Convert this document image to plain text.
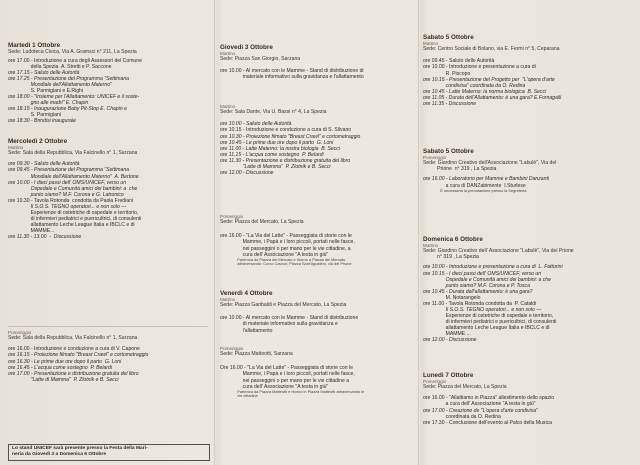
Martedì 1 Ottobre
Sede: Ludoteca Civica, Via A. Gramsci n° 211, La Spezia
ore 17.00 - Introduzione a cura degli Assessori del Comune
della Spezia  A. Stretti e P. Saccone
ore 17.15 - Saluto delle Autorità
ore 17.25 - Presentazione del Programma "Settimana
Mondiale dell'Allattamento Materno"
S. Parmigiani e E.Righi
ore 18.00 - "Insieme per l'Allattamento: UNICEF e il soste-
gno alle madri" E. Chapin
ore 18.15 - Inaugurazione Baby Pit-Stop E. Chapin e
S. Parmigiani
ore 18.30 - Brindisi inaugurale
Mercoledì 2 Ottobre
Mattino
Sede: Sala della Repubblica, Via Falcinello n° 1, Sarzana
ore 09.30 - Saluto delle Autorità
ore 09.45 - Presentazione del Programma "Settimana
Mondiale dell'Allattamento Materno"  A. Bertone
ore 10.00 - I dieci passi dell' OMS/UNICEF, verso un
Ospedale e Comunità amici dei bambini: a  che
punto siamo? M.F. Corona e G. Latronico
ore 10.30 - Tavola Rotonda  condotta da Paola Frediani
Il S.O.S. TEGNO operatori... e non solo ---
Esperienze di ostetriche di ospedale e territorio,
di infermieri pediatrici e puericultrici, di consulenti
allattamento Leche League Italia e IBCLC e di
MAMME...
ore 11.30 - 13.00  -  Discussione
Pomeriggio
Sede: Sala della Repubblica, Via Falcinello n° 1, Sarzana
ore 16.00 - Introduzione e conduzione a cura di V. Capone
ore 16.15 - Proiezione filmato "Breast Crawl" e cortometraggio
ore 16.30 - Le prime due ore dopo il parto  G. Loni
ore 16.45 - L'acqua come sostegno  P. Belardi
ore 17.00 - Presentazione e distribuzione gratuita del libro
"Latte di Mamma"  P. Zlotnik e B. Secci
Lo stand UNICEF sarà presente presso la Festa della Mari-
neria da Giovedì 3 a Domenica 6 Ottobre
Giovedì 3 Ottobre
Mattino
Sede: Piazza San Giorgio, Sarzana
ore 10.00 - Al mercato con le Mamme - Stand di distribuzione di
materiale informativo sulla gravidanza e l'allattamento
Mattino
Sede: Sala Dante, Via U. Bassi n° 4, La Spezia
ore 10.00 - Saluto delle Autorità
ore 10.15 - Introduzione e conduzione a cura di S. Silvano
ore 10.30 - Proiezione filmato "Breast Crawl" e cortometraggio
ore 10.45 - Le prime due ore dopo il parto  G. Loni
ore 11.00 - Latte Materno: la nostra biologia  B. Secci
ore 11.15 - L'acqua come sostegno  P. Belardi
ore 11.30 - Presentazione e distribuzione gratuita del libro
"Latte di Mamma"  P. Zlotnik e B. Secci
ore 12.00 - Discussione
Pomeriggio
Sede: Piazza del Mercato, La Spezia
ore 16.00 - "La Via del Latte" - Passeggiata di storie con le
Mamme, i Papà e i loro piccoli, portati nelle fasce,
nei passeggini o per mano per le vie cittadine, a
cura dell' Associazione "A testa in giù"
Partenza da Piazza del Mercato e ritorno a Piazza del Mercato
attraversando: Corso Cavour, Piazza Sant'Agostino, via del Prione
Venerdì 4 Ottobre
Mattino
Sede: Piazza Garibaldi e Piazza del Mercato, La Spezia
ore 10.00 - Al mercato con le Mamme - Stand di distribuzione
di materiale informativo sulla gravidanza e
l'allattamento
Pomeriggio
Sede: Piazza Matteotti, Sarzana
Ore 16.00 - "La Via del Latte" - Passeggiata di storie con le
Mamme, i Papà e i loro piccoli, portati nelle fasce,
nei passeggini o per mano per le vie cittadine a
cura dell' Associazione "A testa in giù"
Partenza da Piazza Matteotti e ritorno in Piazza Matteotti attraversando le
vie cittadine
Sabato 5 Ottobre
Mattino
Sede: Centro Sociale di Bolano, via E. Fermi n° 5, Ceparana
ore 09.45 - Saluto delle Autorità
ore 10.00 - Introduzione e presentazione a cura di
R. Piscopo
ore 10.15 - Presentazione del Progetto per  "L'opera d'arte
condivisa" coordinata da O. Redina
ore 10.45 - Latte Materno: la norma biologica  B. Secci
ore 11.05 - Durata dell'Allattamento: è una gara? E.Fornagalli
ore 11.35 - Discussione
Sabato 5 Ottobre
Pomeriggio
Sede: Giardino Creativo dell'Associazione "Labulè", Via del
Prione  n° 319 , La Spezia
ore 16.00 - Laboratorio per Mamme e Bambini Danzanti
a cura di DANZabimente  I.Sturlese
È necessaria la prenotazione presso la Segreteria
Domenica 6 Ottobre
Mattino
Sede: Giardino Creativo dell' Associazione "Labulè", Via del Prione
n° 319 , La Spezia
ore 10.00 - Introduzione e presentazione a cura di  L. Fattorini
ore 10.15 - I dieci passi dell' OMS/UNICEF, verso un
Ospedale e Comunità amici dei bambini: a che
punto siamo? M.F. Corona e P. Tosca
ore 10.45 - Durata dell'allattamento: è una gara?
M. Notarangelo
ore 11.00 - Tavola Rotonda condotta da  P. Cataldi
Il S.O.S. TEGNO operatori... e non solo ---
Esperienze di ostetriche di ospedale e territorio,
di infermieri pediatrici e puericultrici, di consulenti
allattamento Leche League Italia e IBCLC e di
MAMME ...
ore 12.00 - Discussione
Lunedì 7 Ottobre
Pomeriggio
Sede: Piazza del Mercato, La Spezia
ore 16.00 - "Allattiamo in Piazza" allestimento dello spazio
a cura dell' Associazione "A testa in giù"
ore 17.00 - Creazione de "L'opera d'arte condivisa"
coordinata da O. Redina
ore 17.30 - Conclusione dell'evento al Palco della Musica
